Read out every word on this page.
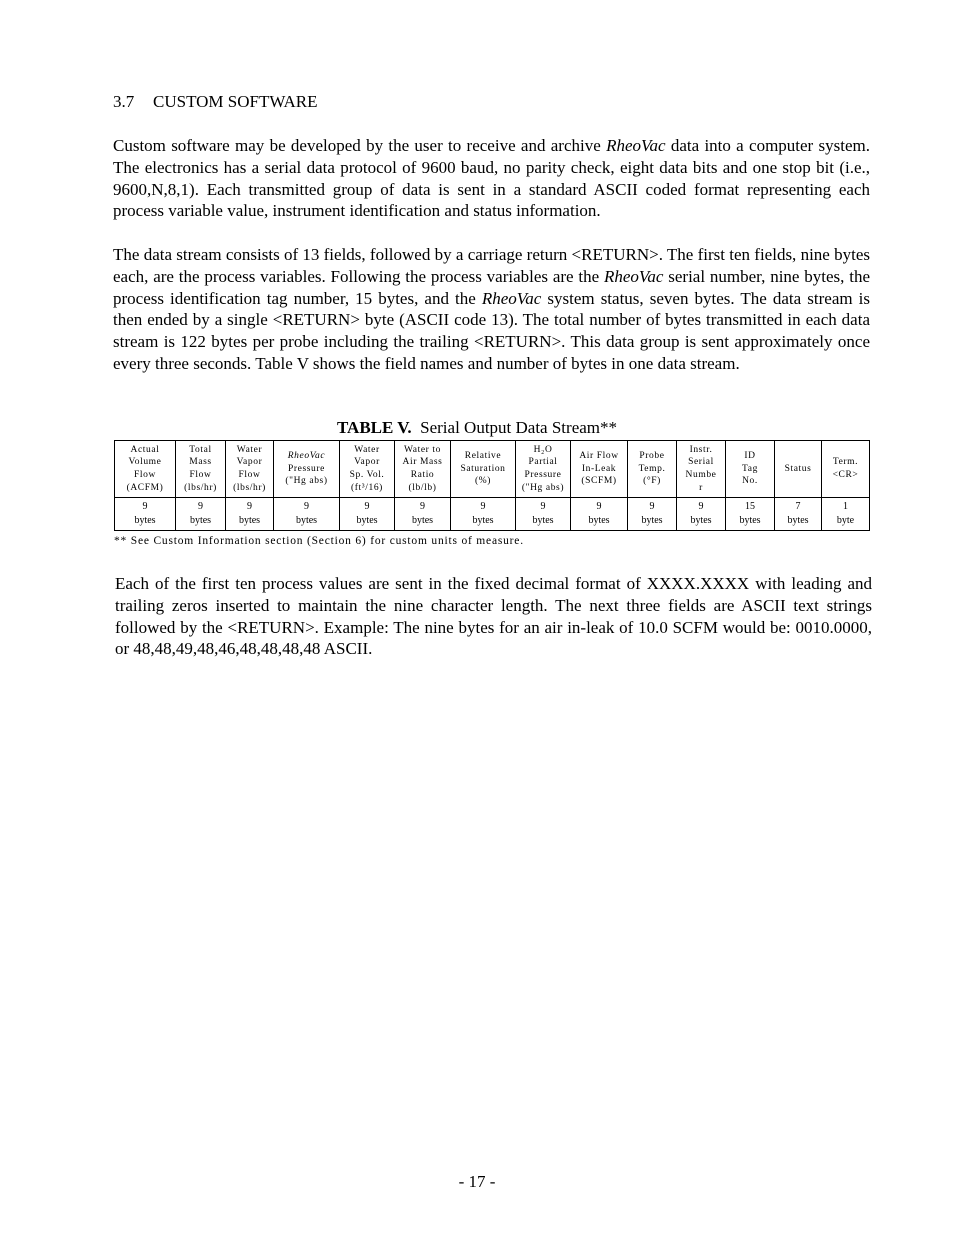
3.7 CUSTOM SOFTWARE

Custom software may be developed by the user to receive and archive RheoVac data into a computer system. The electronics has a serial data protocol of 9600 baud, no parity check, eight data bits and one stop bit (i.e., 9600,N,8,1). Each transmitted group of data is sent in a standard ASCII coded format representing each process variable value, instrument identification and status information.

The data stream consists of 13 fields, followed by a carriage return <RETURN>. The first ten fields, nine bytes each, are the process variables. Following the process variables are the RheoVac serial number, nine bytes, the process identification tag number, 15 bytes, and the RheoVac system status, seven bytes. The data stream is then ended by a single <RETURN> byte (ASCII code 13). The total number of bytes transmitted in each data stream is 122 bytes per probe including the trailing <RETURN>. This data group is sent approximately once every three seconds. Table V shows the field names and number of bytes in one data stream.

TABLE V. Serial Output Data Stream**
Actual
Volume
Flow
(ACFM)	Total
Mass
Flow
(lbs/hr)	Water
Vapor
Flow
(lbs/hr)	RheoVac
Pressure
("Hg abs)	Water
Vapor
Sp. Vol.
(ft³/16)	Water to
Air Mass
Ratio
(lb/lb)	Relative
Saturation
(%)	H₂O
Partial
Pressure
("Hg abs)	Air Flow
In-Leak
(SCFM)	Probe
Temp.
(°F)	Instr.
Serial
Numbe
r	ID
Tag
No.	Status	Term.
<CR>
9
bytes	9
bytes	9
bytes	9
bytes	9
bytes	9
bytes	9
bytes	9
bytes	9
bytes	9
bytes	9
bytes	15
bytes	7
bytes	1
byte
** See Custom Information section (Section 6) for custom units of measure.

Each of the first ten process values are sent in the fixed decimal format of XXXX.XXXX with leading and trailing zeros inserted to maintain the nine character length. The next three fields are ASCII text strings followed by the <RETURN>. Example: The nine bytes for an air in-leak of 10.0 SCFM would be: 0010.0000, or 48,48,49,48,46,48,48,48,48 ASCII.

- 17 -
